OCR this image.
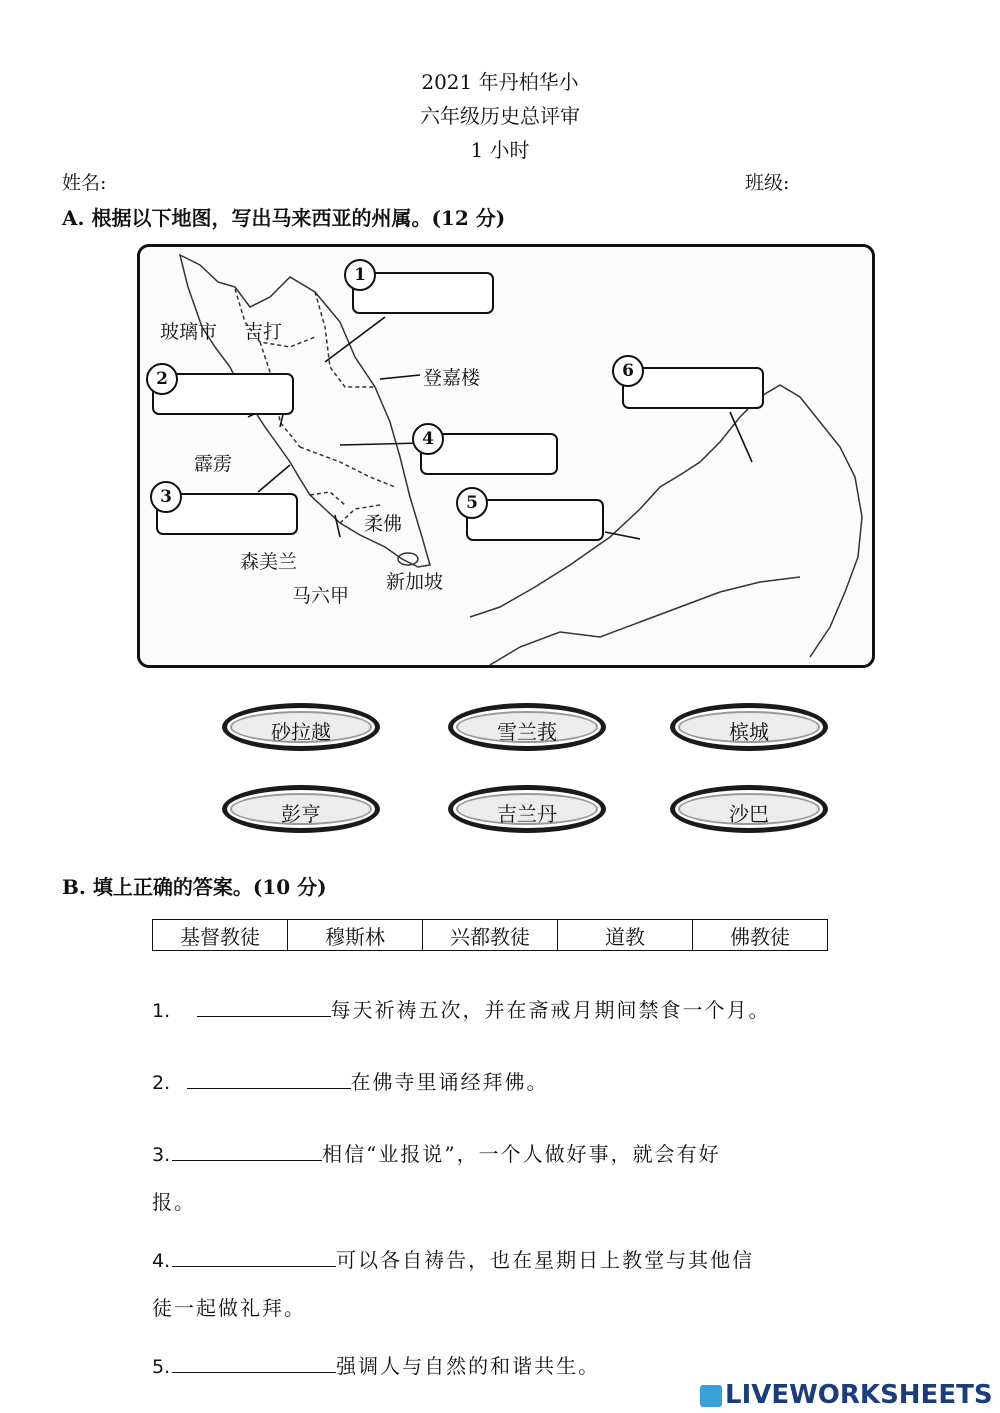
2021 年丹柏华小
六年级历史总评审
1 小时
姓名:	班级:
A. 根据以下地图，写出马来西亚的州属。(12 分)
1
2
3
4
5
6
玻璃市 吉打
登嘉楼
霹雳
柔佛
森美兰
马六甲
新加坡
砂拉越	雪兰莪	槟城
彭亨	吉兰丹	沙巴
B. 填上正确的答案。(10 分)
基督教徒	穆斯林	兴都教徒	道教	佛教徒
1.	每天祈祷五次，并在斋戒月期间禁食一个月。
2.	在佛寺里诵经拜佛。
3.	相信“业报说”，一个人做好事，就会有好
报。
4.	可以各自祷告，也在星期日上教堂与其他信
徒一起做礼拜。
5.	强调人与自然的和谐共生。
LIVEWORKSHEETS
